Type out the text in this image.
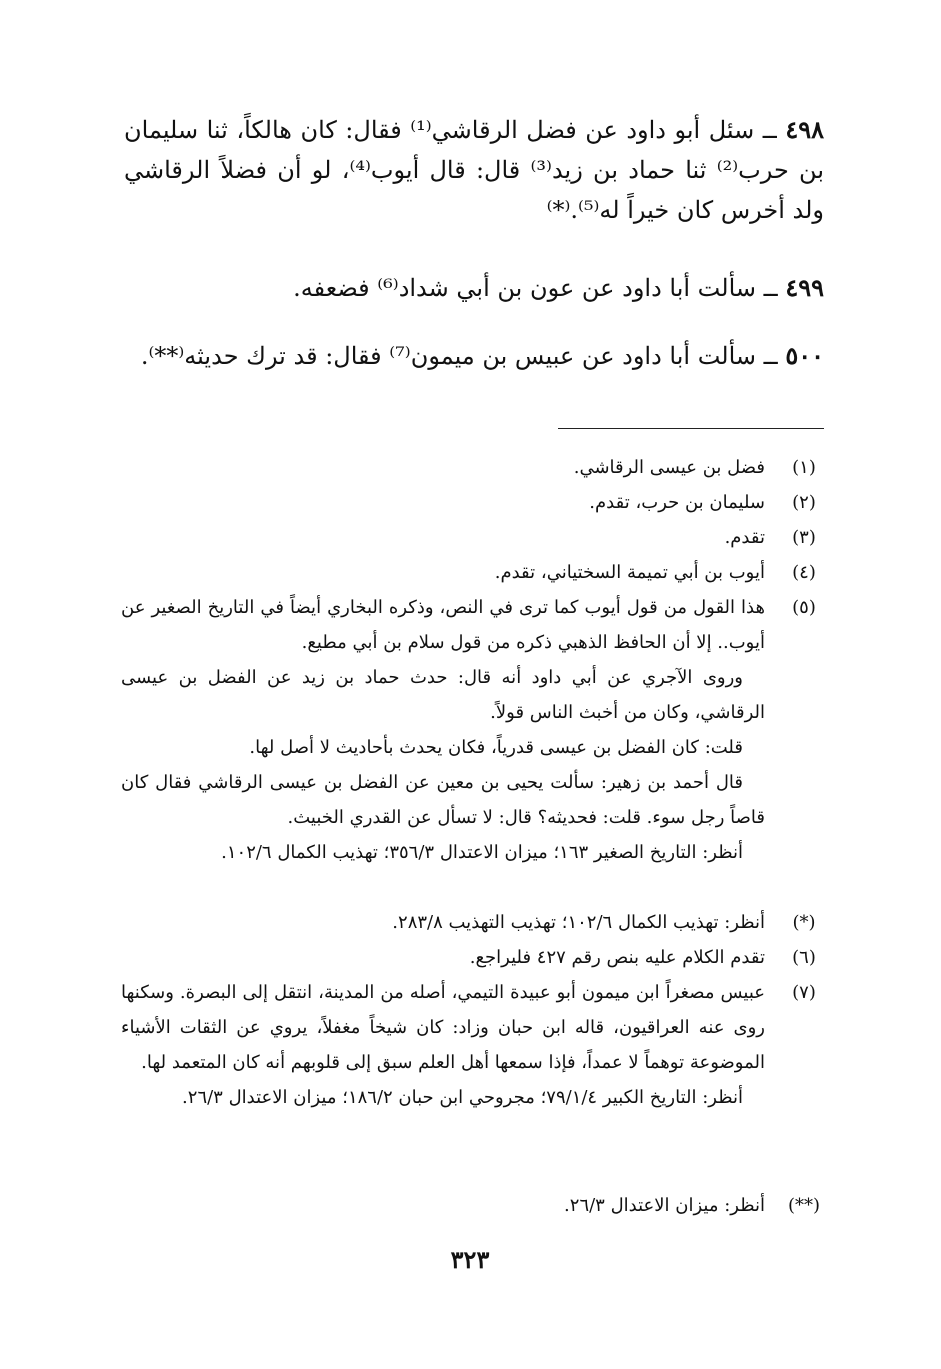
٤٩٨ ــ سئل أبو داود عن فضل الرقاشي⁽¹⁾ فقال: كان هالكاً، ثنا سليمان بن حرب⁽²⁾ ثنا حماد بن زيد⁽³⁾ قال: قال أيوب⁽⁴⁾، لو أن فضلاً الرقاشي ولد أخرس كان خيراً له⁽⁵⁾.⁽*⁾
٤٩٩ ــ سألت أبا داود عن عون بن أبي شداد⁽⁶⁾ فضعفه.
٥٠٠ ــ سألت أبا داود عن عبيس بن ميمون⁽⁷⁾ فقال: قد ترك حديثه⁽**⁾.
(١)
فضل بن عيسى الرقاشي.
(٢)
سليمان بن حرب، تقدم.
(٣)
تقدم.
(٤)
أيوب بن أبي تميمة السختياني، تقدم.
(٥)
هذا القول من قول أيوب كما ترى في النص، وذكره البخاري أيضاً في التاريخ الصغير عن أيوب.. إلا أن الحافظ الذهبي ذكره من قول سلام بن أبي مطيع.
وروى الآجري عن أبي داود أنه قال: حدث حماد بن زيد عن الفضل بن عيسى الرقاشي، وكان من أخبث الناس قولاً.
قلت: كان الفضل بن عيسى قدرياً، فكان يحدث بأحاديث لا أصل لها.
قال أحمد بن زهير: سألت يحيى بن معين عن الفضل بن عيسى الرقاشي فقال كان قاصاً رجل سوء. قلت: فحديثه؟ قال: لا تسأل عن القدري الخبيث.
أنظر: التاريخ الصغير ١٦٣؛ ميزان الاعتدال ٣٥٦/٣؛ تهذيب الكمال ١٠٢/٦.
(*)
أنظر: تهذيب الكمال ١٠٢/٦؛ تهذيب التهذيب ٢٨٣/٨.
(٦)
تقدم الكلام عليه بنص رقم ٤٢٧ فليراجع.
(٧)
عبيس مصغراً ابن ميمون أبو عبيدة التيمي، أصله من المدينة، انتقل إلى البصرة. وسكنها روى عنه العراقيون، قاله ابن حبان وزاد: كان شيخاً مغفلاً، يروي عن الثقات الأشياء الموضوعة توهماً لا عمداً، فإذا سمعها أهل العلم سبق إلى قلوبهم أنه كان المتعمد لها.
أنظر: التاريخ الكبير ٧٩/١/٤؛ مجروحي ابن حبان ١٨٦/٢؛ ميزان الاعتدال ٢٦/٣.
(**)
أنظر: ميزان الاعتدال ٢٦/٣.
٣٢٣
